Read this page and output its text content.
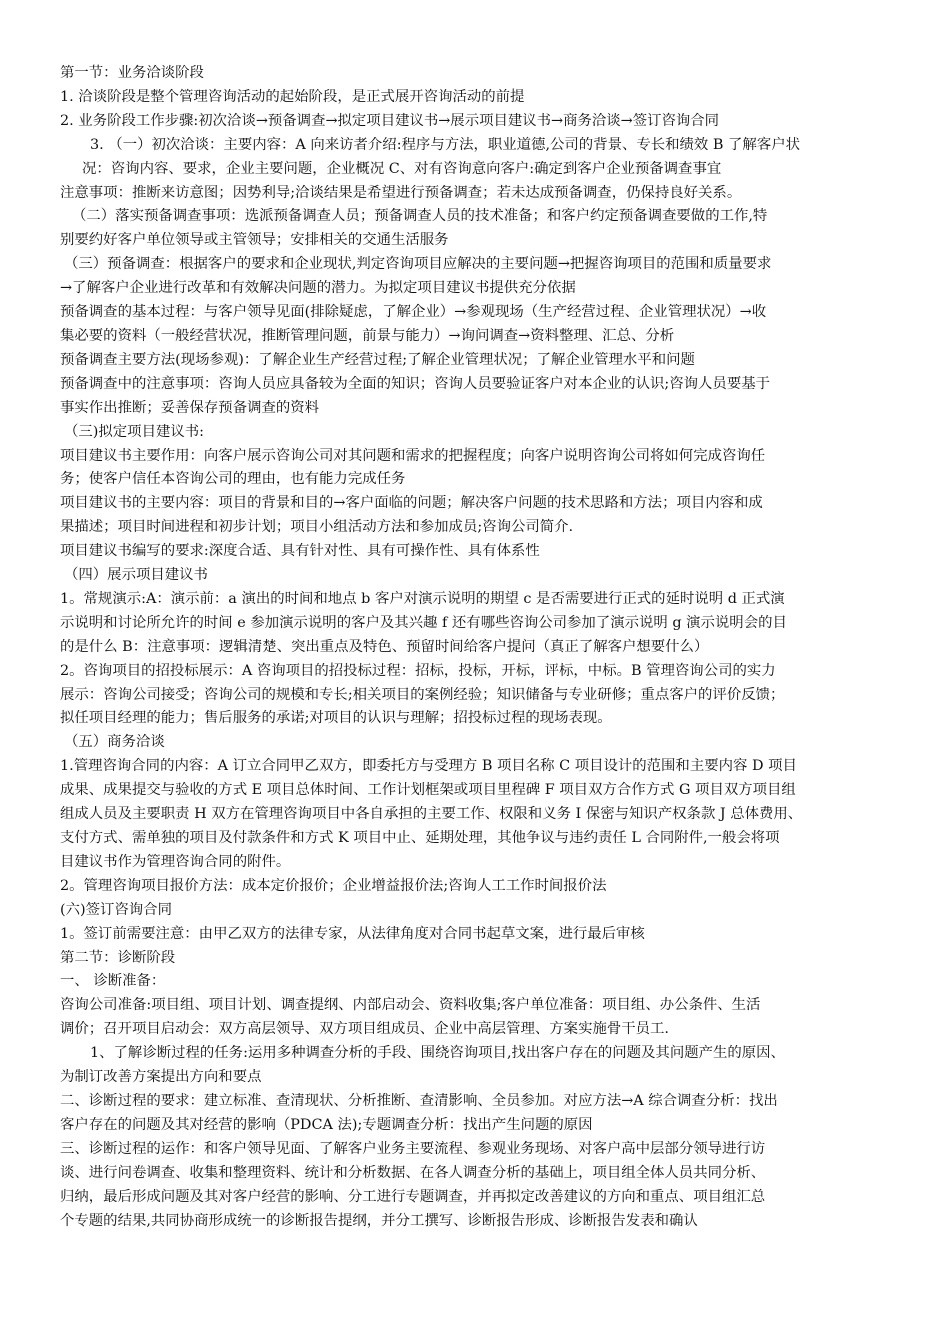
第一节：业务洽谈阶段
1. 洽谈阶段是整个管理咨询活动的起始阶段，是正式展开咨询活动的前提
2. 业务阶段工作步骤:初次洽谈→预备调查→拟定项目建议书→展示项目建议书→商务洽谈→签订咨询合同
3. （一）初次洽谈：主要内容：A 向来访者介绍:程序与方法，职业道德,公司的背景、专长和绩效 B 了解客户状
况：咨询内容、要求，企业主要问题，企业概况 C、对有咨询意向客户:确定到客户企业预备调查事宜
注意事项：推断来访意图；因势利导;洽谈结果是希望进行预备调查；若未达成预备调查，仍保持良好关系。
（二）落实预备调查事项：选派预备调查人员；预备调查人员的技术准备；和客户约定预备调查要做的工作,特
别要约好客户单位领导或主管领导；安排相关的交通生活服务
（三）预备调查：根据客户的要求和企业现状,判定咨询项目应解决的主要问题→把握咨询项目的范围和质量要求
→了解客户企业进行改革和有效解决问题的潜力。为拟定项目建议书提供充分依据
预备调查的基本过程：与客户领导见面(排除疑虑，了解企业）→参观现场（生产经营过程、企业管理状况）→收
集必要的资料（一般经营状况，推断管理问题，前景与能力）→询问调查→资料整理、汇总、分析
预备调查主要方法(现场参观)：了解企业生产经营过程;了解企业管理状况；了解企业管理水平和问题
预备调查中的注意事项：咨询人员应具备较为全面的知识；咨询人员要验证客户对本企业的认识;咨询人员要基于
事实作出推断；妥善保存预备调查的资料
（三)拟定项目建议书:
项目建议书主要作用：向客户展示咨询公司对其问题和需求的把握程度；向客户说明咨询公司将如何完成咨询任
务；使客户信任本咨询公司的理由，也有能力完成任务
项目建议书的主要内容：项目的背景和目的→客户面临的问题；解决客户问题的技术思路和方法；项目内容和成
果描述；项目时间进程和初步计划；项目小组活动方法和参加成员;咨询公司简介.
项目建议书编写的要求:深度合适、具有针对性、具有可操作性、具有体系性
（四）展示项目建议书
1。常规演示:A：演示前：a 演出的时间和地点 b 客户对演示说明的期望 c 是否需要进行正式的延时说明 d 正式演
示说明和讨论所允许的时间 e 参加演示说明的客户及其兴趣 f 还有哪些咨询公司参加了演示说明 g 演示说明会的目
的是什么 B：注意事项：逻辑清楚、突出重点及特色、预留时间给客户提问（真正了解客户想要什么）
2。咨询项目的招投标展示：A 咨询项目的招投标过程：招标，投标，开标，评标，中标。B 管理咨询公司的实力
展示：咨询公司接受；咨询公司的规模和专长;相关项目的案例经验；知识储备与专业研修；重点客户的评价反馈；
拟任项目经理的能力；售后服务的承诺;对项目的认识与理解；招投标过程的现场表现。
（五）商务洽谈
1.管理咨询合同的内容：A 订立合同甲乙双方，即委托方与受理方 B 项目名称 C 项目设计的范围和主要内容 D 项目
成果、成果提交与验收的方式 E 项目总体时间、工作计划框架或项目里程碑 F 项目双方合作方式 G 项目双方项目组
组成人员及主要职责 H 双方在管理咨询项目中各自承担的主要工作、权限和义务 I 保密与知识产权条款 J 总体费用、
支付方式、需单独的项目及付款条件和方式 K 项目中止、延期处理，其他争议与违约责任 L 合同附件,一般会将项
目建议书作为管理咨询合同的附件。
2。管理咨询项目报价方法：成本定价报价；企业增益报价法;咨询人工工作时间报价法
(六)签订咨询合同
1。签订前需要注意：由甲乙双方的法律专家，从法律角度对合同书起草文案，进行最后审核
第二节：诊断阶段
一、 诊断准备：
咨询公司准备:项目组、项目计划、调查提纲、内部启动会、资料收集;客户单位准备：项目组、办公条件、生活
调价；召开项目启动会：双方高层领导、双方项目组成员、企业中高层管理、方案实施骨干员工.
1、了解诊断过程的任务:运用多种调查分析的手段、围绕咨询项目,找出客户存在的问题及其问题产生的原因、
为制订改善方案提出方向和要点
二、诊断过程的要求：建立标准、查清现状、分析推断、查清影响、全员参加。对应方法→A 综合调查分析：找出
客户存在的问题及其对经营的影响（PDCA 法);专题调查分析：找出产生问题的原因
三、诊断过程的运作：和客户领导见面、了解客户业务主要流程、参观业务现场、对客户高中层部分领导进行访
谈、进行问卷调查、收集和整理资料、统计和分析数据、在各人调查分析的基础上，项目组全体人员共同分析、
归纳，最后形成问题及其对客户经营的影响、分工进行专题调查，并再拟定改善建议的方向和重点、项目组汇总
个专题的结果,共同协商形成统一的诊断报告提纲，并分工撰写、诊断报告形成、诊断报告发表和确认
